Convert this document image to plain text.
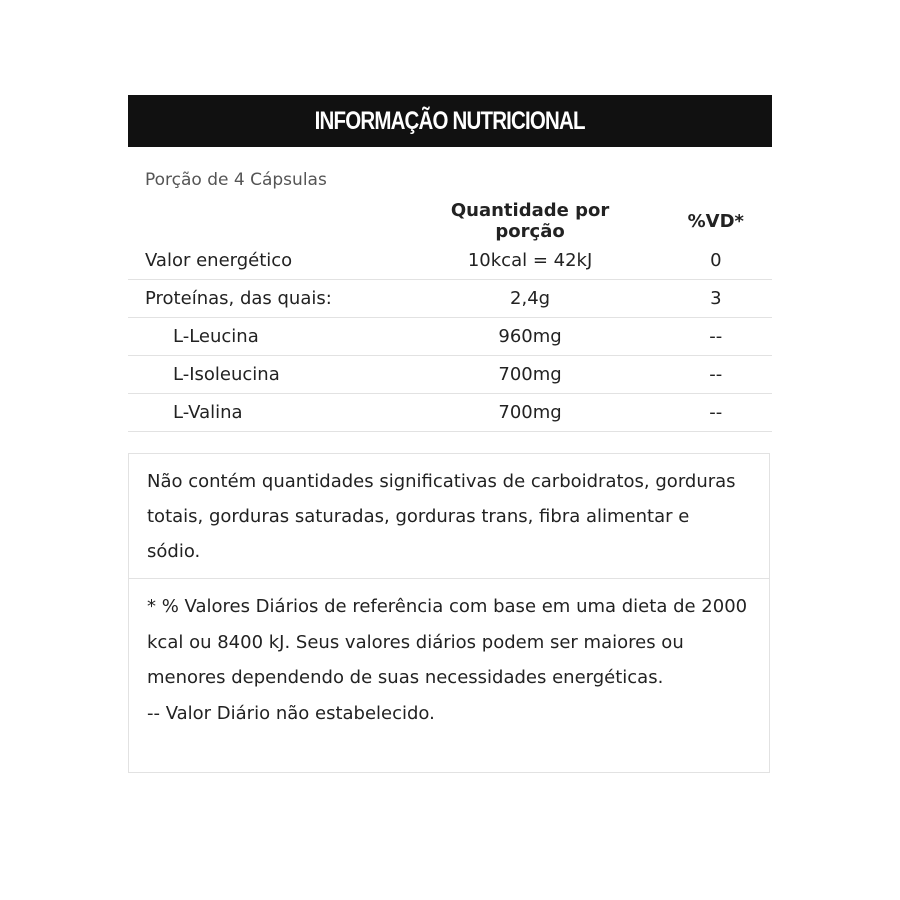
INFORMAÇÃO NUTRICIONAL
Porção de 4 Cápsulas
	Quantidade por porção	%VD*
Valor energético	10kcal = 42kJ	0
Proteínas, das quais:	2,4g	3
L-Leucina	960mg	--
L-Isoleucina	700mg	--
L-Valina	700mg	--
Não contém quantidades significativas de carboidratos, gorduras totais, gorduras saturadas, gorduras trans, fibra alimentar e sódio.
* % Valores Diários de referência com base em uma dieta de 2000 kcal ou 8400 kJ. Seus valores diários podem ser maiores ou menores dependendo de suas necessidades energéticas.
-- Valor Diário não estabelecido.
